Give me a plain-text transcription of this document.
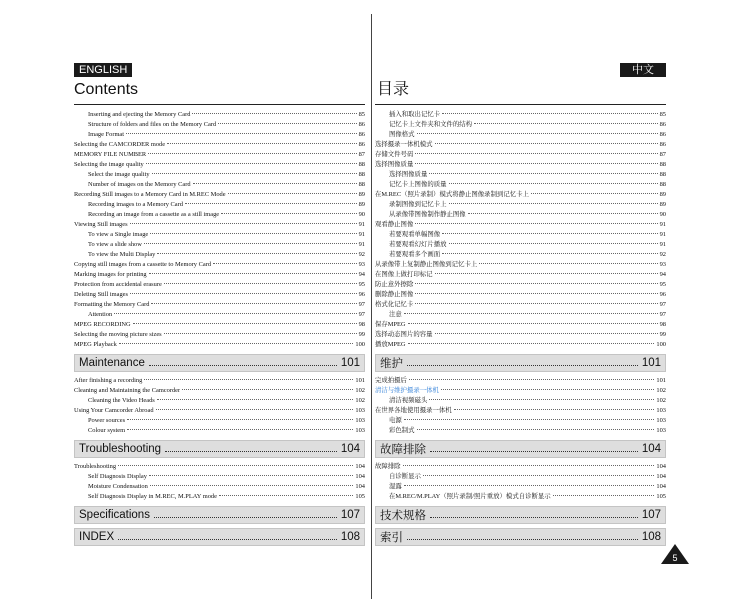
ENGLISH
Contents
Inserting and ejecting the Memory Card	85
Structure of folders and files on the Memory Card	86
Image Format	86
Selecting the CAMCORDER mode	86
MEMORY FILE NUMBER	87
Selecting the image quality	88
Select the image quality	88
Number of images on the Memory Card	88
Recording Still images to a Memory Card in M.REC Mode	89
Recording images to a Memory Card	89
Recording an image from a cassette as a still image	90
Viewing Still images	91
To view a Single image	91
To view a slide show	91
To view the Multi Display	92
Copying still images from a cassette to Memory Card	93
Marking images for printing	94
Protection from accidental erasure	95
Deleting Still images	96
Formatting the Memory Card	97
Attention	97
MPEG RECORDING	98
Selecting the moving picture sizes	99
MPEG Playback	100
Maintenance	101
After finishing a recording	101
Cleaning and Maintaining the Camcorder	102
Cleaning the Video Heads	102
Using Your Camcorder Abroad	103
Power sources	103
Colour system	103
Troubleshooting	104
Troubleshooting	104
Self Diagnosis Display	104
Moisture Condensation	104
Self Diagnosis Display in M.REC, M.PLAY mode	105
Specifications	107
INDEX	108
中文
目录
插入和取出记忆卡	85
记忆卡上文件夹和文件的结构	86
图像格式	86
选择摄录一体机模式	86
存储文件号码	87
选择图像质量	88
选择图像质量	88
记忆卡上图像的质量	88
在M.REC（照片录制）模式将静止图像录制到记忆卡上	89
录制图像到记忆卡上	89
从录像带图像制作静止图像	90
观看静止图像	91
若要观看单幅图像	91
若要观看幻灯片播放	91
若要观看多个画面	92
从录像带上复制静止图像到记忆卡上	93
在图像上做打印标记	94
防止意外擦除	95
删除静止图像	96
格式化记忆卡	97
注意	97
保存MPEG	98
选择动态图片的容量	99
播放MPEG	100
维护	101
完成拍摄后	101
清洁与维护摄录一体机	102
清洁视频磁头	102
在世界各地使用摄录一体机	103
电源	103
彩色制式	103
故障排除	104
故障排除	104
自诊断显示	104
湿露	104
在M.REC/M.PLAY（照片录制/照片重放）模式自诊断显示	105
技术规格	107
索引	108
5
